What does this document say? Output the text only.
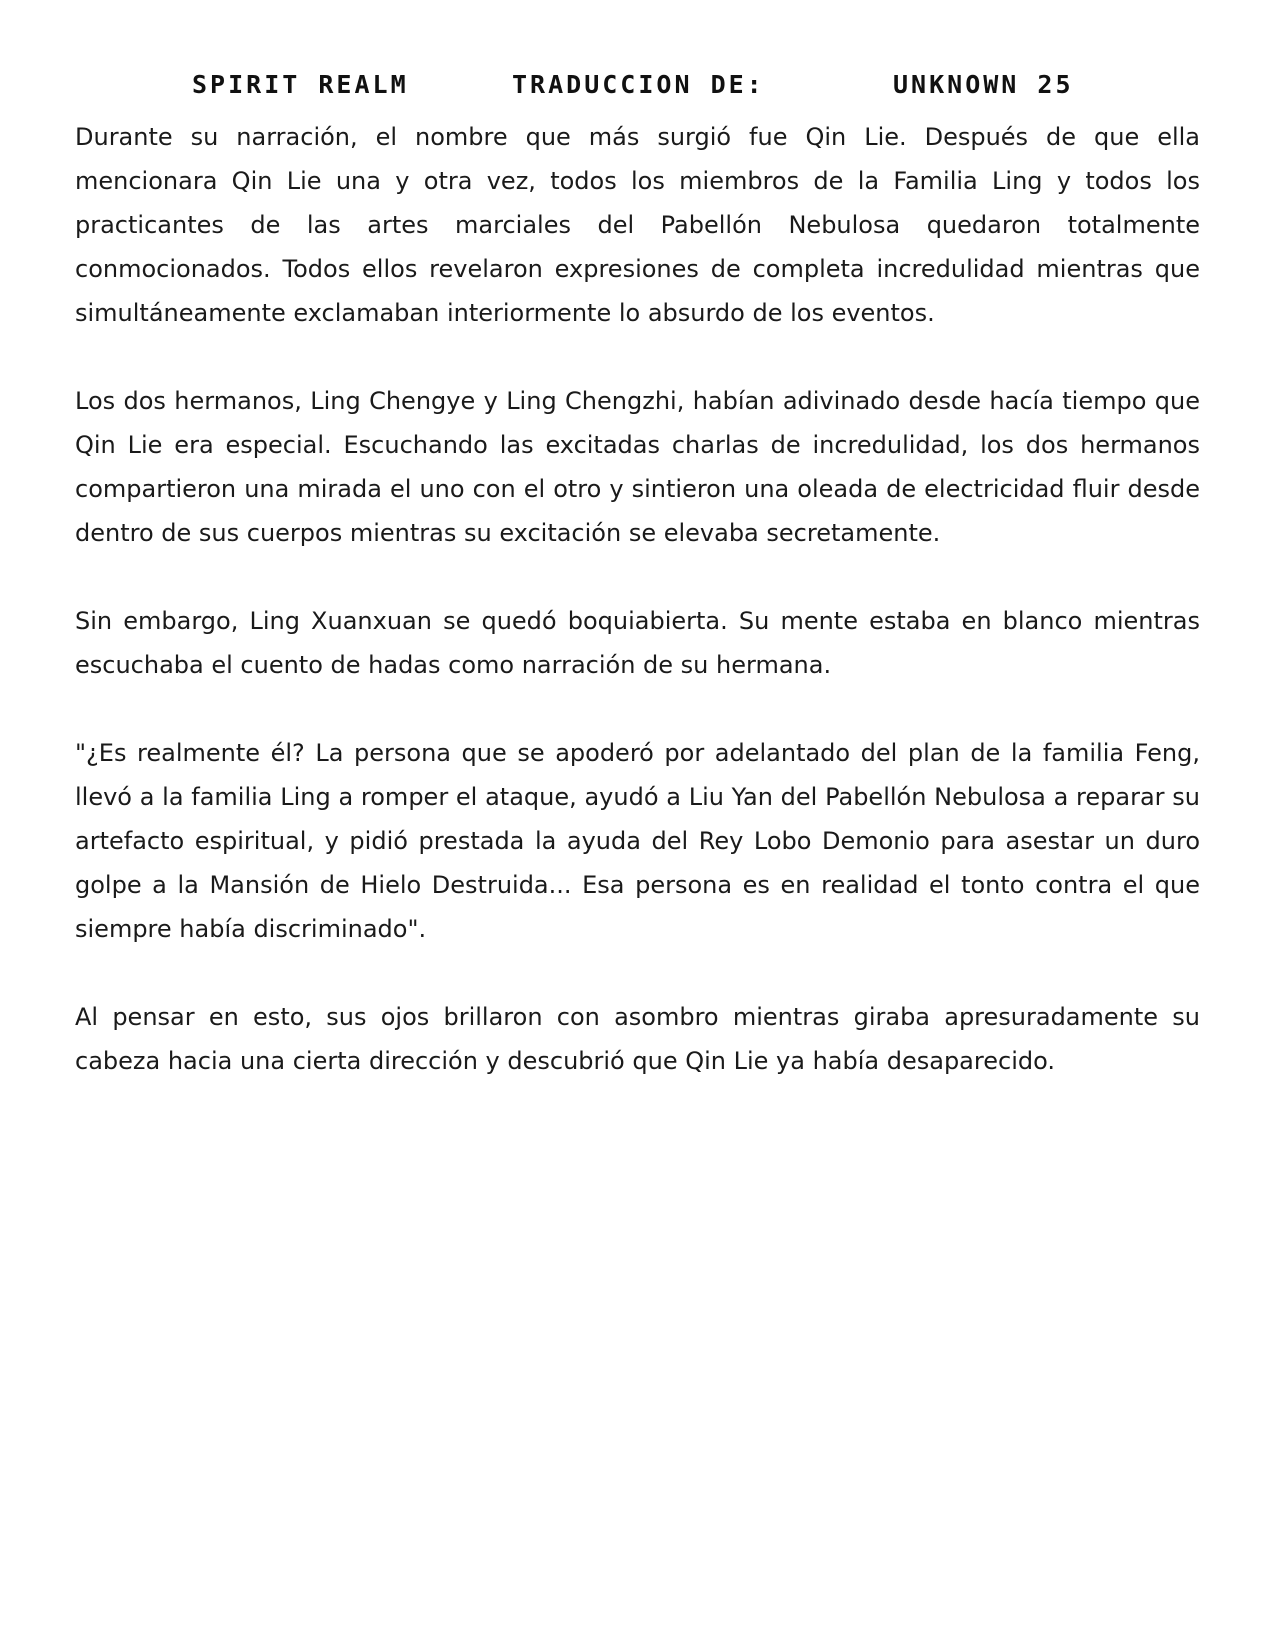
SPIRIT REALM	TRADUCCION DE:	UNKNOWN 25

Durante su narración, el nombre que más surgió fue Qin Lie. Después de que ella mencionara Qin Lie una y otra vez, todos los miembros de la Familia Ling y todos los practicantes de las artes marciales del Pabellón Nebulosa quedaron totalmente conmocionados. Todos ellos revelaron expresiones de completa incredulidad mientras que simultáneamente exclamaban interiormente lo absurdo de los eventos.

Los dos hermanos, Ling Chengye y Ling Chengzhi, habían adivinado desde hacía tiempo que Qin Lie era especial. Escuchando las excitadas charlas de incredulidad, los dos hermanos compartieron una mirada el uno con el otro y sintieron una oleada de electricidad fluir desde dentro de sus cuerpos mientras su excitación se elevaba secretamente.

Sin embargo, Ling Xuanxuan se quedó boquiabierta. Su mente estaba en blanco mientras escuchaba el cuento de hadas como narración de su hermana.

"¿Es realmente él? La persona que se apoderó por adelantado del plan de la familia Feng, llevó a la familia Ling a romper el ataque, ayudó a Liu Yan del Pabellón Nebulosa a reparar su artefacto espiritual, y pidió prestada la ayuda del Rey Lobo Demonio para asestar un duro golpe a la Mansión de Hielo Destruida... Esa persona es en realidad el tonto contra el que siempre había discriminado".

Al pensar en esto, sus ojos brillaron con asombro mientras giraba apresuradamente su cabeza hacia una cierta dirección y descubrió que Qin Lie ya había desaparecido.
